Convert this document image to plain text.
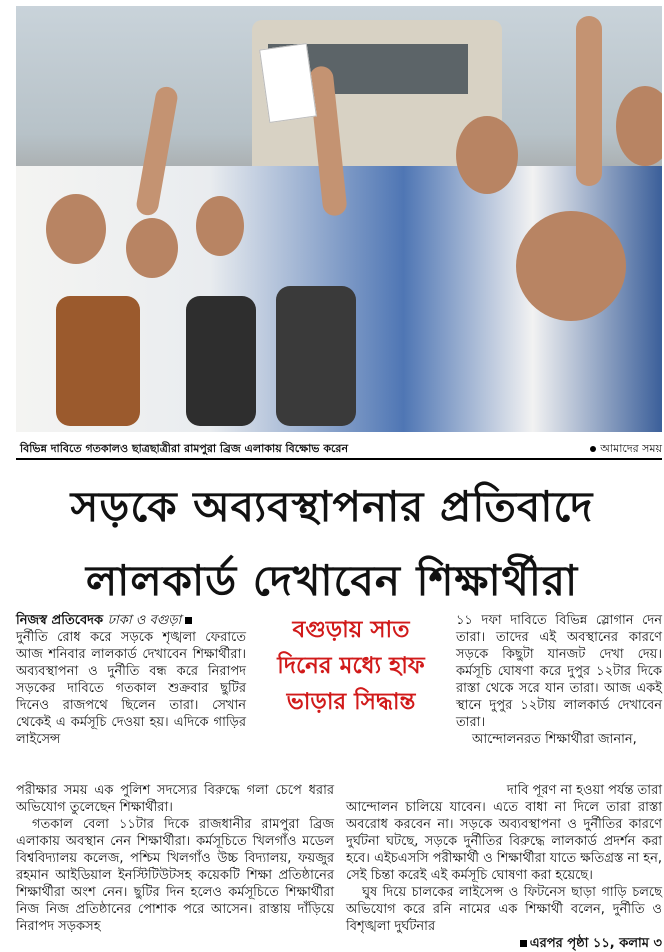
বিভিন্ন দাবিতে গতকালও ছাত্রছাত্রীরা রামপুরা ব্রিজ এলাকায় বিক্ষোভ করেন	আমাদের সময়
সড়কে অব্যবস্থাপনার প্রতিবাদে
লালকার্ড দেখাবেন শিক্ষার্থীরা
বগুড়ায় সাত
দিনের মধ্যে হাফ
ভাড়ার সিদ্ধান্ত

নিজস্ব প্রতিবেদক ঢাকা ও বগুড়া

দুর্নীতি রোধ করে সড়কে শৃঙ্খলা ফেরাতে আজ শনিবার লালকার্ড দেখাবেন শিক্ষার্থীরা। অব্যবস্থাপনা ও দুর্নীতি বন্ধ করে নিরাপদ সড়কের দাবিতে গতকাল শুক্রবার ছুটির দিনেও রাজপথে ছিলেন তারা। সেখান থেকেই এ কর্মসূচি দেওয়া হয়। এদিকে গাড়ির লাইসেন্স

পরীক্ষার সময় এক পুলিশ সদস্যের বিরুদ্ধে গলা চেপে ধরার অভিযোগ তুলেছেন শিক্ষার্থীরা।

গতকাল বেলা ১১টার দিকে রাজধানীর রামপুরা ব্রিজ এলাকায় অবস্থান নেন শিক্ষার্থীরা। কর্মসূচিতে খিলগাঁও মডেল বিশ্ববিদ্যালয় কলেজ, পশ্চিম খিলগাঁও উচ্চ বিদ্যালয়, ফয়জুর রহমান আইডিয়াল ইনস্টিটিউটসহ কয়েকটি শিক্ষা প্রতিষ্ঠানের শিক্ষার্থীরা অংশ নেন। ছুটির দিন হলেও কর্মসূচিতে শিক্ষার্থীরা নিজ নিজ প্রতিষ্ঠানের পোশাক পরে আসেন। রাস্তায় দাঁড়িয়ে নিরাপদ সড়কসহ

১১ দফা দাবিতে বিভিন্ন স্লোগান দেন তারা। তাদের এই অবস্থানের কারণে সড়কে কিছুটা যানজট দেখা দেয়। কর্মসূচি ঘোষণা করে দুপুর ১২টার দিকে রাস্তা থেকে সরে যান তারা। আজ একই স্থানে দুপুর ১২টায় লালকার্ড দেখাবেন তারা।

আন্দোলনরত শিক্ষার্থীরা জানান,

দাবি পূরণ না হওয়া পর্যন্ত তারা

আন্দোলন চালিয়ে যাবেন। এতে বাধা না দিলে তারা রাস্তা অবরোধ করবেন না। সড়কে অব্যবস্থাপনা ও দুর্নীতির কারণে দুর্ঘটনা ঘটছে, সড়কে দুর্নীতির বিরুদ্ধে লালকার্ড প্রদর্শন করা হবে। এইচএসসি পরীক্ষার্থী ও শিক্ষার্থীরা যাতে ক্ষতিগ্রস্ত না হন, সেই চিন্তা করেই এই কর্মসূচি ঘোষণা করা হয়েছে।

ঘুষ দিয়ে চালকের লাইসেন্স ও ফিটনেস ছাড়া গাড়ি চলছে অভিযোগ করে রনি নামের এক শিক্ষার্থী বলেন, দুর্নীতি ও বিশৃঙ্খলা দুর্ঘটনার

এরপর পৃষ্ঠা ১১, কলাম ৩
